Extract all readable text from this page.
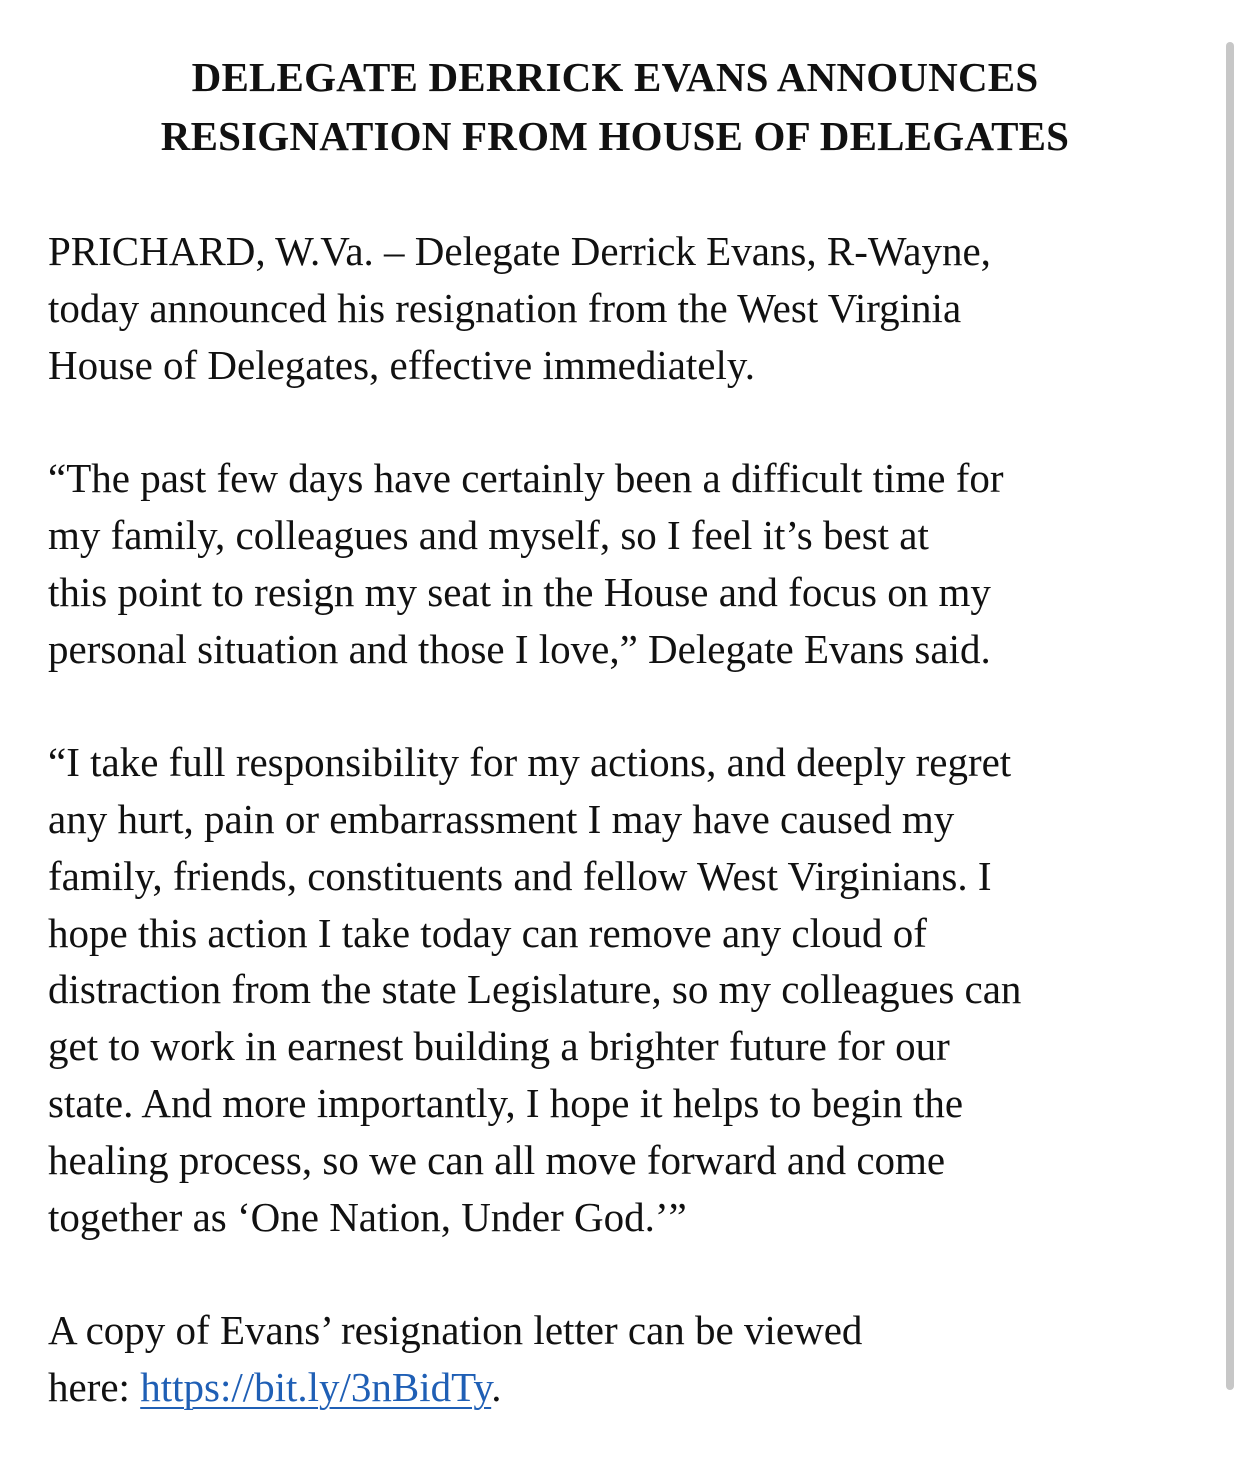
DELEGATE DERRICK EVANS ANNOUNCES
RESIGNATION FROM HOUSE OF DELEGATES

PRICHARD, W.Va. – Delegate Derrick Evans, R-Wayne,
today announced his resignation from the West Virginia
House of Delegates, effective immediately.

“The past few days have certainly been a difficult time for
my family, colleagues and myself, so I feel it’s best at
this point to resign my seat in the House and focus on my
personal situation and those I love,” Delegate Evans said.

“I take full responsibility for my actions, and deeply regret
any hurt, pain or embarrassment I may have caused my
family, friends, constituents and fellow West Virginians. I
hope this action I take today can remove any cloud of
distraction from the state Legislature, so my colleagues can
get to work in earnest building a brighter future for our
state. And more importantly, I hope it helps to begin the
healing process, so we can all move forward and come
together as ‘One Nation, Under God.’”

A copy of Evans’ resignation letter can be viewed
here: https://bit.ly/3nBidTy.
